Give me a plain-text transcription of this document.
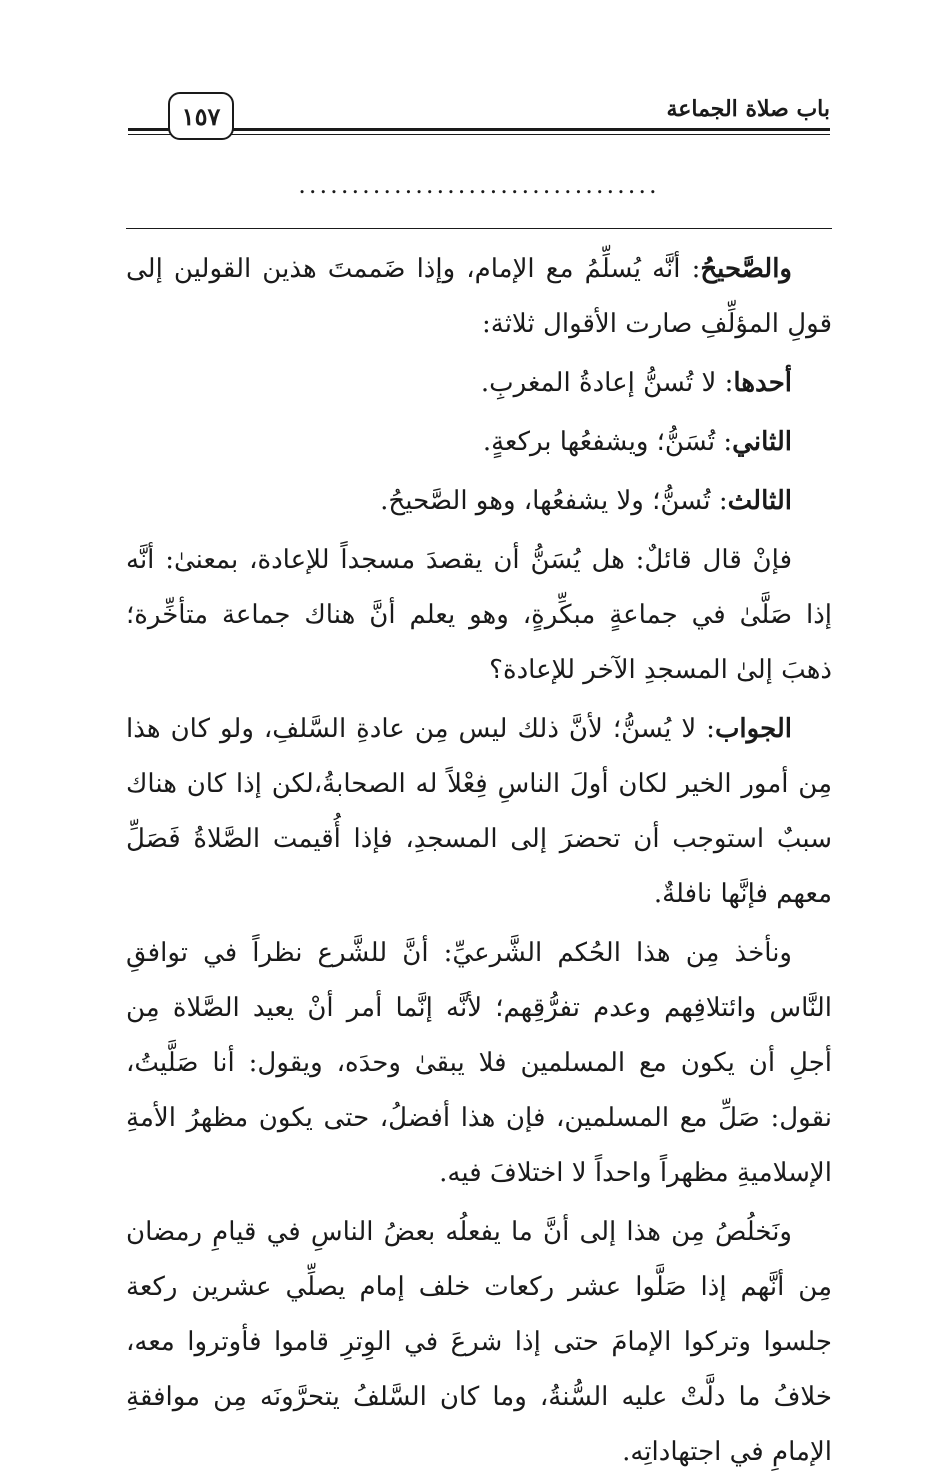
باب صلاة الجماعة
١٥٧
..................................

والصَّحيحُ: أنَّه يُسلِّمُ مع الإمام، وإذا ضَممتَ هذين القولين إلى قولِ المؤلِّفِ صارت الأقوال ثلاثة:

أحدها: لا تُسنُّ إعادةُ المغربِ.

الثاني: تُسَنُّ؛ ويشفعُها بركعةٍ.

الثالث: تُسنُّ؛ ولا يشفعُها، وهو الصَّحيحُ.

فإنْ قال قائلٌ: هل يُسَنُّ أن يقصدَ مسجداً للإعادة، بمعنىٰ: أنَّه إذا صَلَّىٰ في جماعةٍ مبكِّرةٍ، وهو يعلم أنَّ هناك جماعة متأخِّرة؛ ذهبَ إلىٰ المسجدِ الآخر للإعادة؟

الجواب: لا يُسنُّ؛ لأنَّ ذلك ليس مِن عادةِ السَّلفِ، ولو كان هذا مِن أمور الخير لكان أولَ الناسِ فِعْلاً له الصحابةُ،لكن إذا كان هناك سببٌ استوجب أن تحضرَ إلى المسجدِ، فإذا أُقيمت الصَّلاةُ فَصَلِّ معهم فإنَّها نافلةٌ.

ونأخذ مِن هذا الحُكم الشَّرعيِّ: أنَّ للشَّرع نظراً في توافقِ النَّاس وائتلافِهم وعدم تفرُّقِهم؛ لأنَّه إنَّما أمر أنْ يعيد الصَّلاة مِن أجلِ أن يكون مع المسلمين فلا يبقىٰ وحدَه، ويقول: أنا صَلَّيتُ، نقول: صَلِّ مع المسلمين، فإن هذا أفضلُ، حتى يكون مظهرُ الأمةِ الإسلاميةِ مظهراً واحداً لا اختلافَ فيه.

ونَخلُصُ مِن هذا إلى أنَّ ما يفعلُه بعضُ الناسِ في قيامِ رمضان مِن أنَّهم إذا صَلَّوا عشر ركعات خلف إمام يصلِّي عشرين ركعة جلسوا وتركوا الإمامَ حتى إذا شرعَ في الوِترِ قاموا فأوتروا معه، خلافُ ما دلَّتْ عليه السُّنةُ، وما كان السَّلفُ يتحرَّونَه مِن موافقةِ الإمامِ في اجتهاداتِه.
